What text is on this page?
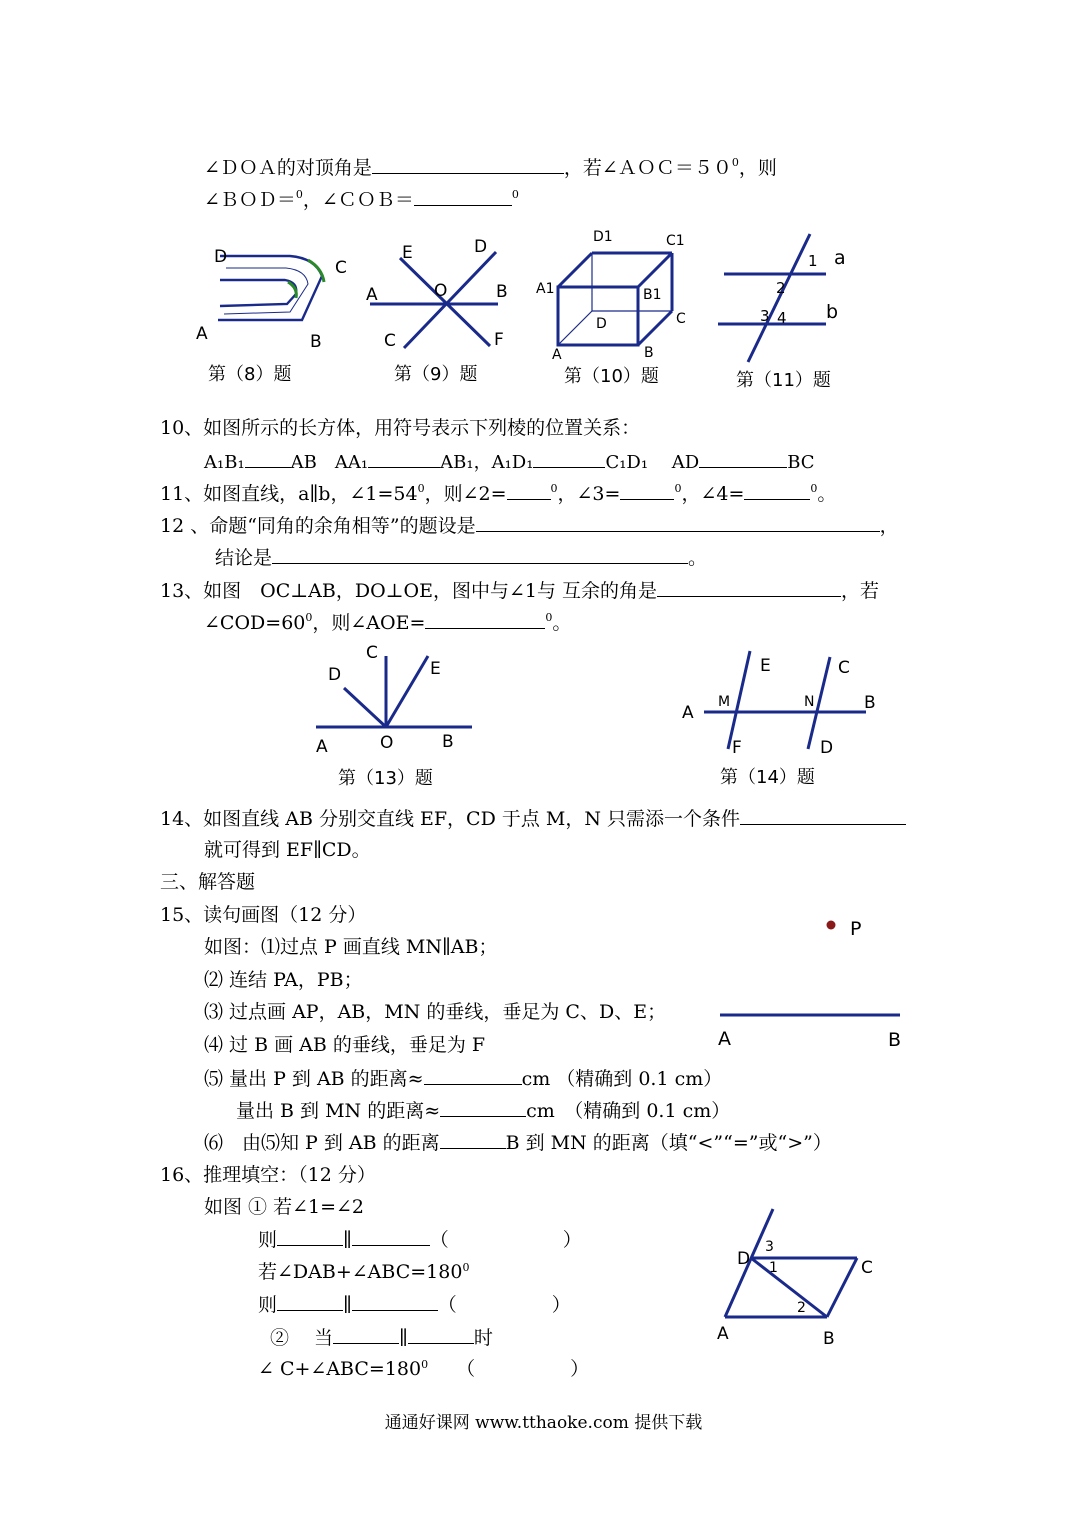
∠ＤＯＡ的对顶角是	，若$\angle AOC=50^0$，则
∠ＢＯＤ＝$^0$，∠ＣＯＢ＝	$^0$
D
C
A	B
第（8）题
E	D
A	O	B
C	F
第（9）题
D1	C1
A1	B1
D	C
A	B
第（10）题
1 a
2
3 4 b
第（11）题
10、如图所示的长方体，用符号表示下列棱的位置关系：
A₁B₁	AB　AA₁	AB₁，A₁D₁	C₁D₁　 AD	BC
11、如图直线，a∥b，$\angle 1=54^0$，则∠2=	$^0$，∠3=	$^0$，∠4=	$^0$。
12 、命题“同角的余角相等”的题设是	，
结论是	。
13、如图　OC⊥AB，DO⊥OE，图中与∠1与 互余的角是	，若
$\angle COD=60^0$，则∠AOE=	$^0$。
C
D	E
A	O	B
第（13）题
E	C
A
M	N	B
F	D
第（14）题
14、如图直线 AB 分别交直线 EF，CD 于点 M，N 只需添一个条件
就可得到 EF∥CD。
三、解答题
15、读句画图（12 分）
如图：⑴过点 P 画直线 MN∥AB；
⑵ 连结 PA，PB；
⑶ 过点画 AP，AB，MN 的垂线，垂足为 C、D、E；
⑷ 过 B 画 AB 的垂线，垂足为 F
⑸ 量出 P 到 AB 的距离≈	cm （精确到 0.1 cm）
量出 B 到 MN 的距离≈	cm　（精确到 0.1 cm）
⑹　由⑸知 P 到 AB 的距离	B 到 MN 的距离（填“<”“=”或“>”）
P
A	B
16、推理填空：（12 分）
如图 ① 若∠1=∠2
则	∥	（　　　　　　）
若$\angle DAB+\angle ABC=180^0$
则	∥	（　　　　　）
②　 当	∥	时
∠ $C+\angle ABC=180^0$ （　　　　　）
D
3
1	C
2
A	B
通通好课网 www.tthaoke.com 提供下载
